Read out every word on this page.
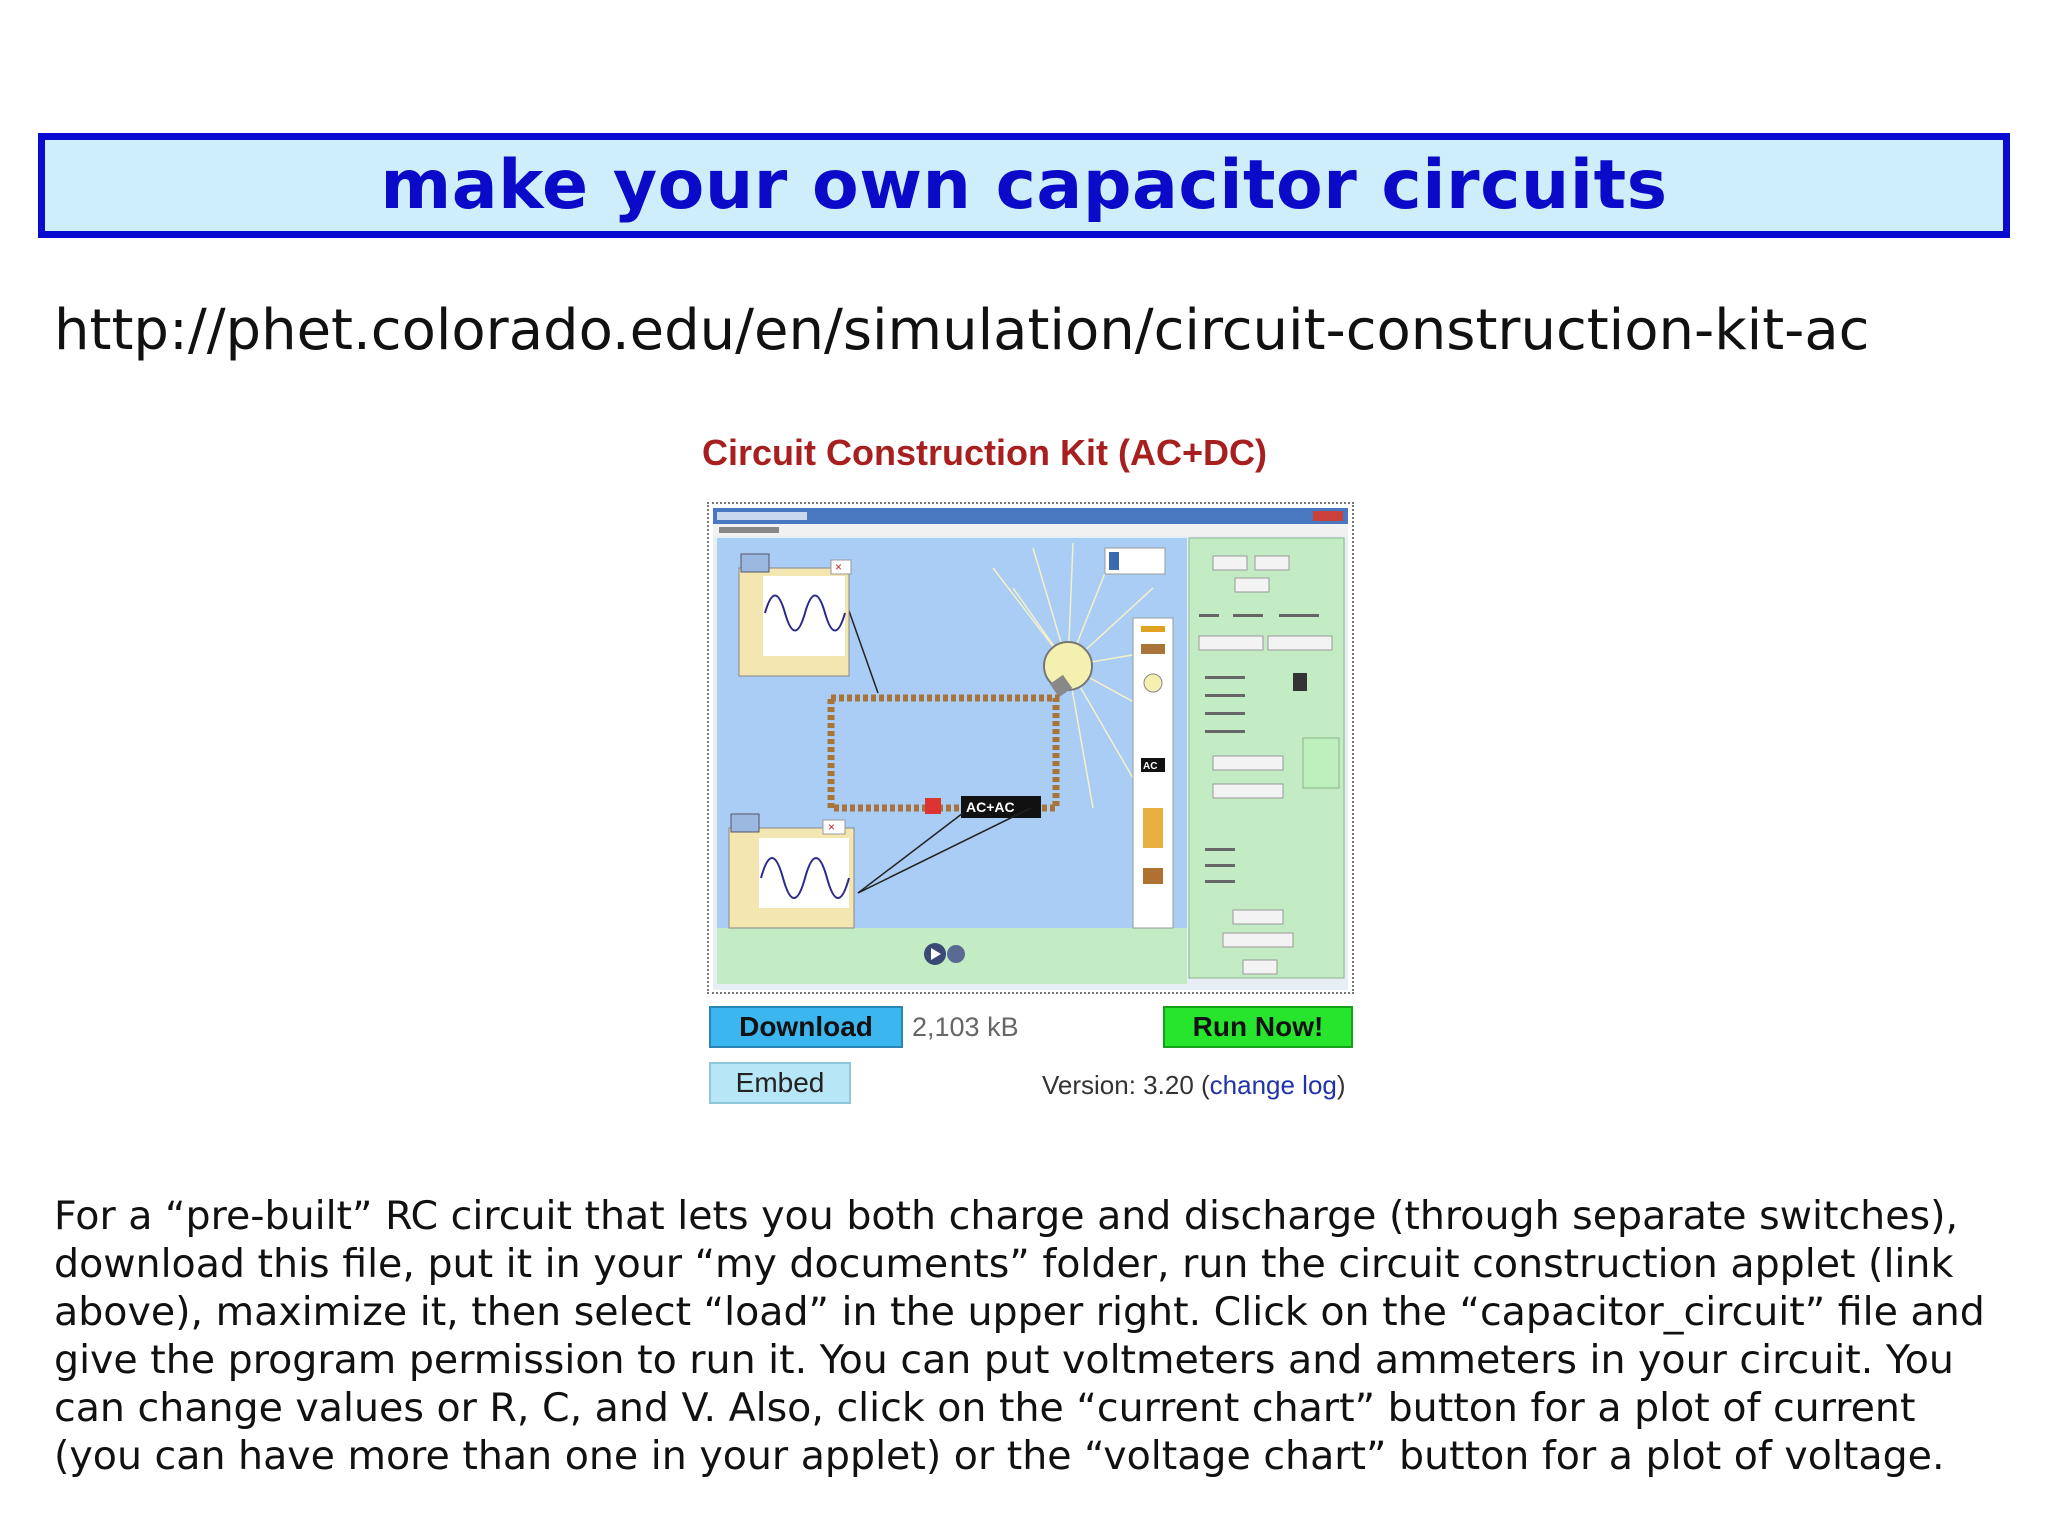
make your own capacitor circuits
http://phet.colorado.edu/en/simulation/circuit-construction-kit-ac
Circuit Construction Kit (AC+DC)
AC+AC
×
×
AC
Download	2,103 kB	Run Now!
Embed	Version: 3.20 (change log)
For a “pre-built” RC circuit that lets you both charge and discharge (through separate switches), download this file, put it in your “my documents” folder, run the circuit construction applet (link above), maximize it, then select “load” in the upper right. Click on the “capacitor_circuit” file and give the program permission to run it. You can put voltmeters and ammeters in your circuit. You can change values or R, C, and V. Also, click on the “current chart” button for a plot of current (you can have more than one in your applet) or the “voltage chart” button for a plot of voltage.
